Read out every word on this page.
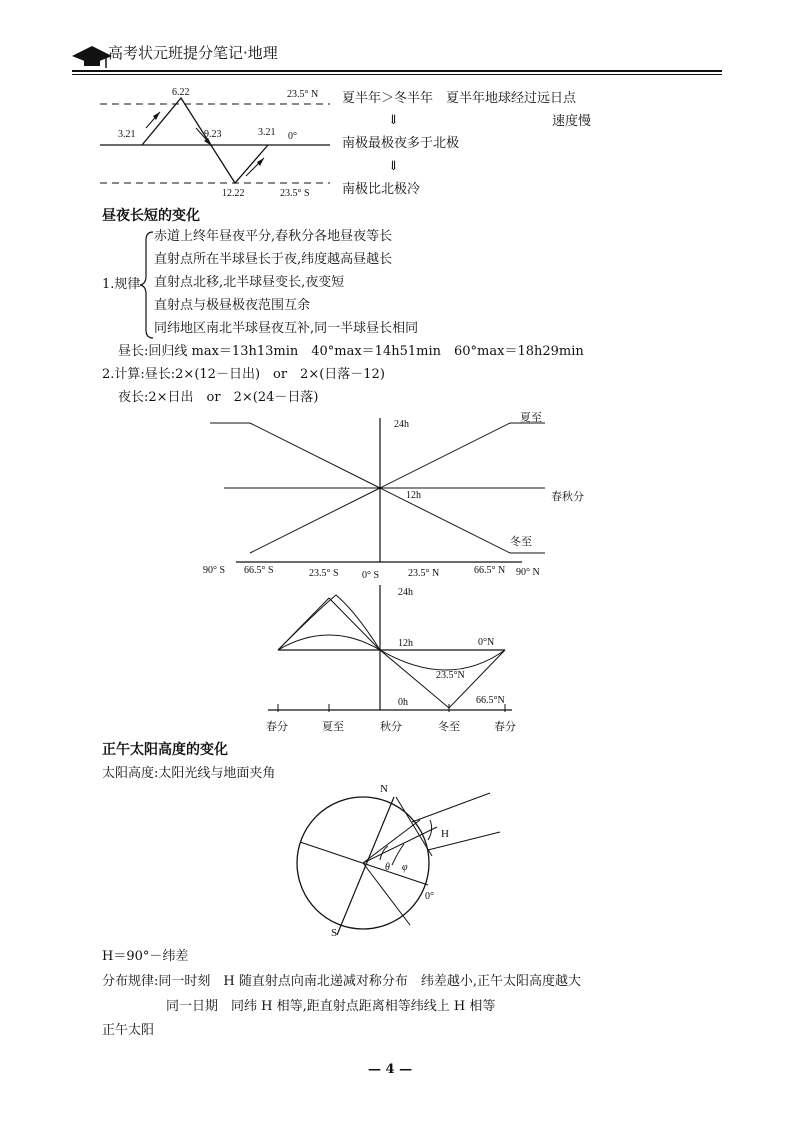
高考状元班提分笔记·地理
6.22	23.5° N
3.21	9.23	3.21 0°
12.22	23.5° S
夏半年＞冬半年　夏半年地球经过远日点
速度慢
⇓
南极最极夜多于北极
⇓
南极比北极冷
昼夜长短的变化
1.规律
赤道上终年昼夜平分,春秋分各地昼夜等长
直射点所在半球昼长于夜,纬度越高昼越长
直射点北移,北半球昼变长,夜变短
直射点与极昼极夜范围互余
同纬地区南北半球昼夜互补,同一半球昼长相同
昼长:回归线 max＝13h13min　40°max＝14h51min　60°max＝18h29min
2.计算:昼长:2×(12－日出)　or　2×(日落－12)
夜长:2×日出　or　2×(24－日落)
24h
12h
夏至
春秋分
冬至
90° S 66.5° S	23.5° S 0° S	23.5° N	66.5° N 90° N
24h
12h
0h
0°N
23.5°N
66.5°N
春分	夏至	秋分	冬至	春分
正午太阳高度的变化
太阳高度:太阳光线与地面夹角
N
S
H
θ φ
0°
H＝90°－纬差
分布规律:同一时刻　H 随直射点向南北递减对称分布　纬差越小,正午太阳高度越大
同一日期　同纬 H 相等,距直射点距离相等纬线上 H 相等
正午太阳
— 4 —
